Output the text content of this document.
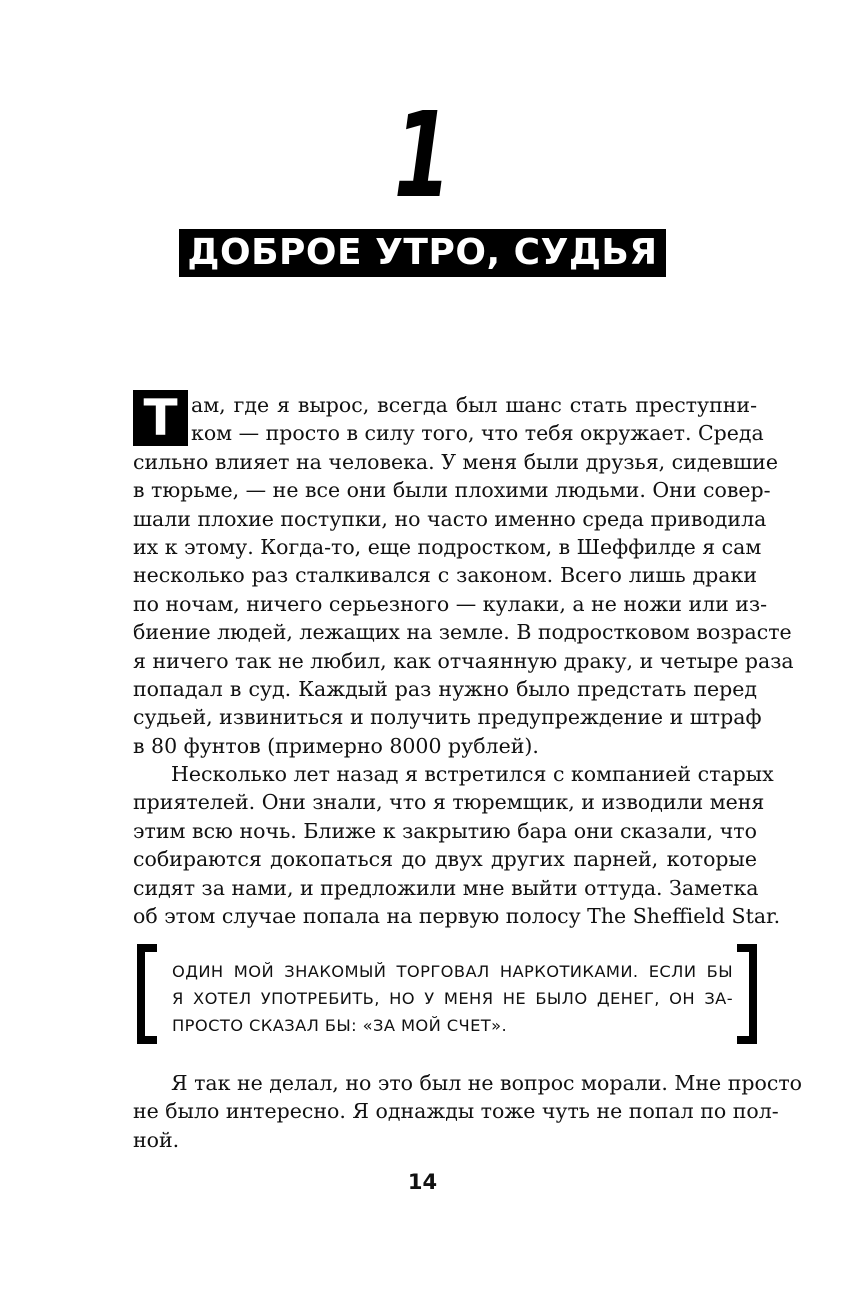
1
ДОБРОЕ УТРО, СУДЬЯ
Т ам, где я вырос, всегда был шанс стать преступни-
ком — просто в силу того, что тебя окружает. Среда
сильно влияет на человека. У меня были друзья, сидевшие
в тюрьме, — не все они были плохими людьми. Они совер-
шали плохие поступки, но часто именно среда приводила
их к этому. Когда-то, еще подростком, в Шеффилде я сам
несколько раз сталкивался с законом. Всего лишь драки
по ночам, ничего серьезного — кулаки, а не ножи или из-
биение людей, лежащих на земле. В подростковом возрасте
я ничего так не любил, как отчаянную драку, и четыре раза
попадал в суд. Каждый раз нужно было предстать перед
судьей, извиниться и получить предупреждение и штраф
в 80 фунтов (примерно 8000 рублей).
Несколько лет назад я встретился с компанией старых
приятелей. Они знали, что я тюремщик, и изводили меня
этим всю ночь. Ближе к закрытию бара они сказали, что
собираются докопаться до двух других парней, которые
сидят за нами, и предложили мне выйти оттуда. Заметка
об этом случае попала на первую полосу The Sheffield Star.
ОДИН МОЙ ЗНАКОМЫЙ ТОРГОВАЛ НАРКОТИКАМИ. ЕСЛИ БЫ
Я ХОТЕЛ УПОТРЕБИТЬ, НО У МЕНЯ НЕ БЫЛО ДЕНЕГ, ОН ЗА-
ПРОСТО СКАЗАЛ БЫ: «ЗА МОЙ СЧЕТ».
Я так не делал, но это был не вопрос морали. Мне просто
не было интересно. Я однажды тоже чуть не попал по пол-
ной.
14
